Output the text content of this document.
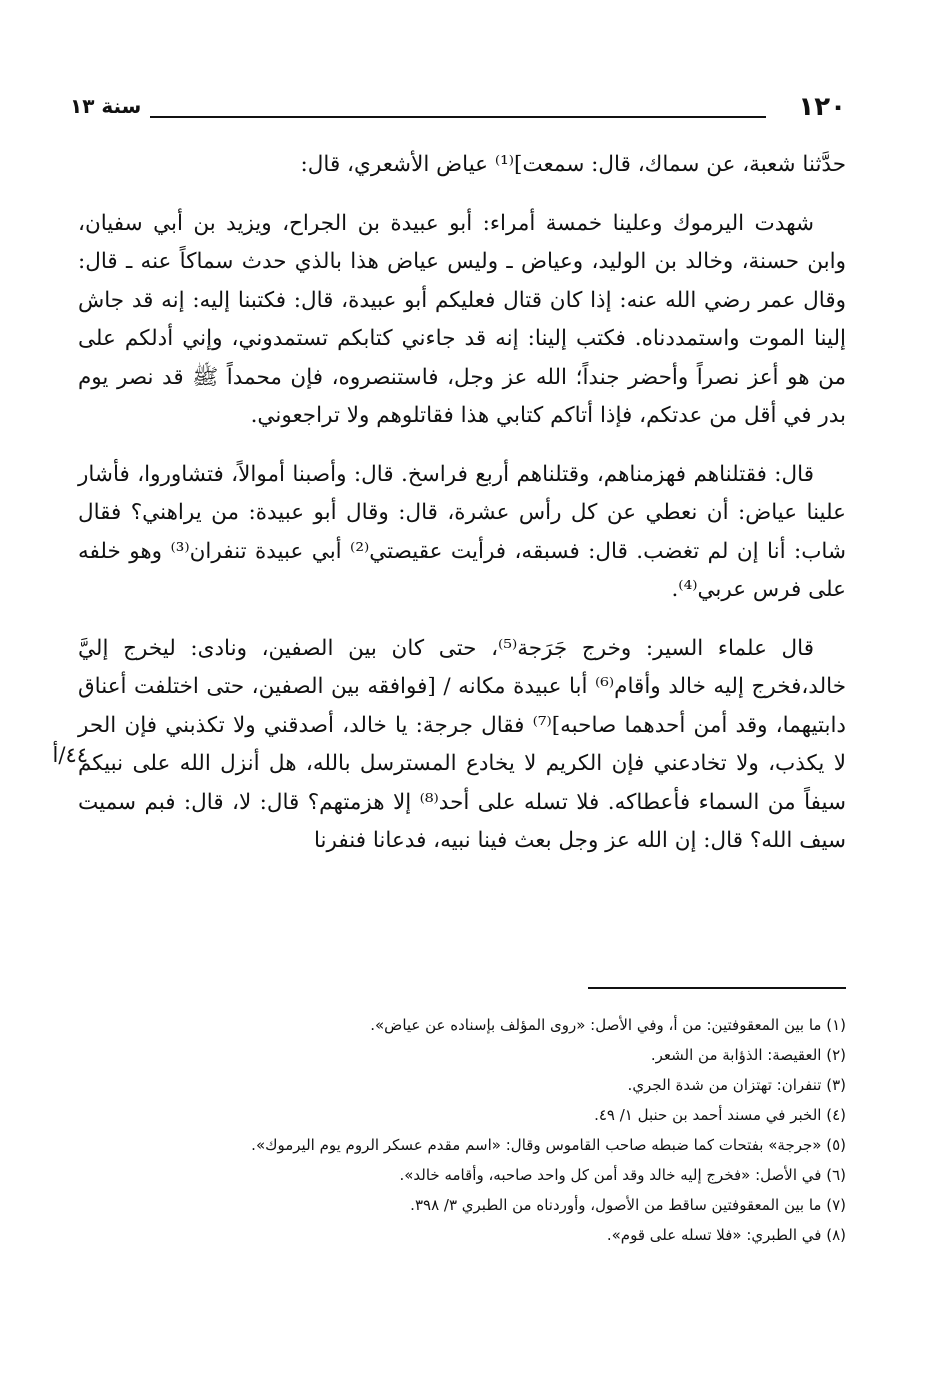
١٢٠
سنة ١٣
٤٤/أ

حدَّثنا شعبة، عن سماك، قال: سمعت]⁽¹⁾ عياض الأشعري، قال:

شهدت اليرموك وعلينا خمسة أمراء: أبو عبيدة بن الجراح، ويزيد بن أبي سفيان، وابن حسنة، وخالد بن الوليد، وعياض ـ وليس عياض هذا بالذي حدث سماكاً عنه ـ قال: وقال عمر رضي الله عنه: إذا كان قتال فعليكم أبو عبيدة، قال: فكتبنا إليه: إنه قد جاش إلينا الموت واستمددناه. فكتب إلينا: إنه قد جاءني كتابكم تستمدوني، وإني أدلكم على من هو أعز نصراً وأحضر جنداً؛ الله عز وجل، فاستنصروه، فإن محمداً ﷺ قد نصر يوم بدر في أقل من عدتكم، فإذا أتاكم كتابي هذا فقاتلوهم ولا تراجعوني.

قال: فقتلناهم فهزمناهم، وقتلناهم أربع فراسخ. قال: وأصبنا أموالاً، فتشاوروا، فأشار علينا عياض: أن نعطي عن كل رأس عشرة، قال: وقال أبو عبيدة: من يراهني؟ فقال شاب: أنا إن لم تغضب. قال: فسبقه، فرأيت عقيصتي⁽²⁾ أبي عبيدة تنفران⁽³⁾ وهو خلفه على فرس عربي⁽⁴⁾.

قال علماء السير: وخرج جَرَجة⁽⁵⁾، حتى كان بين الصفين، ونادى: ليخرج إليَّ خالد،فخرج إليه خالد وأقام⁽⁶⁾ أبا عبيدة مكانه / [فوافقه بين الصفين، حتى اختلفت أعناق دابتيهما، وقد أمن أحدهما صاحبه]⁽⁷⁾ فقال جرجة: يا خالد، أصدقني ولا تكذبني فإن الحر لا يكذب، ولا تخادعني فإن الكريم لا يخادع المسترسل بالله، هل أنزل الله على نبيكم سيفاً من السماء فأعطاكه. فلا تسله على أحد⁽⁸⁾ إلا هزمتهم؟ قال: لا، قال: فبم سميت سيف الله؟ قال: إن الله عز وجل بعث فينا نبيه، فدعانا فنفرنا

(١) ما بين المعقوفتين: من أ، وفي الأصل: «روى المؤلف بإسناده عن عياض».

(٢) العقيصة: الذؤابة من الشعر.

(٣) تنفران: تهتزان من شدة الجري.

(٤) الخبر في مسند أحمد بن حنبل ١/ ٤٩.

(٥) «جرجة» بفتحات كما ضبطه صاحب القاموس وقال: «اسم مقدم عسكر الروم يوم اليرموك».

(٦) في الأصل: «فخرج إليه خالد وقد أمن كل واحد صاحبه، وأقامه خالد».

(٧) ما بين المعقوفتين ساقط من الأصول، وأوردناه من الطبري ٣/ ٣٩٨.

(٨) في الطبري: «فلا تسله على قوم».
